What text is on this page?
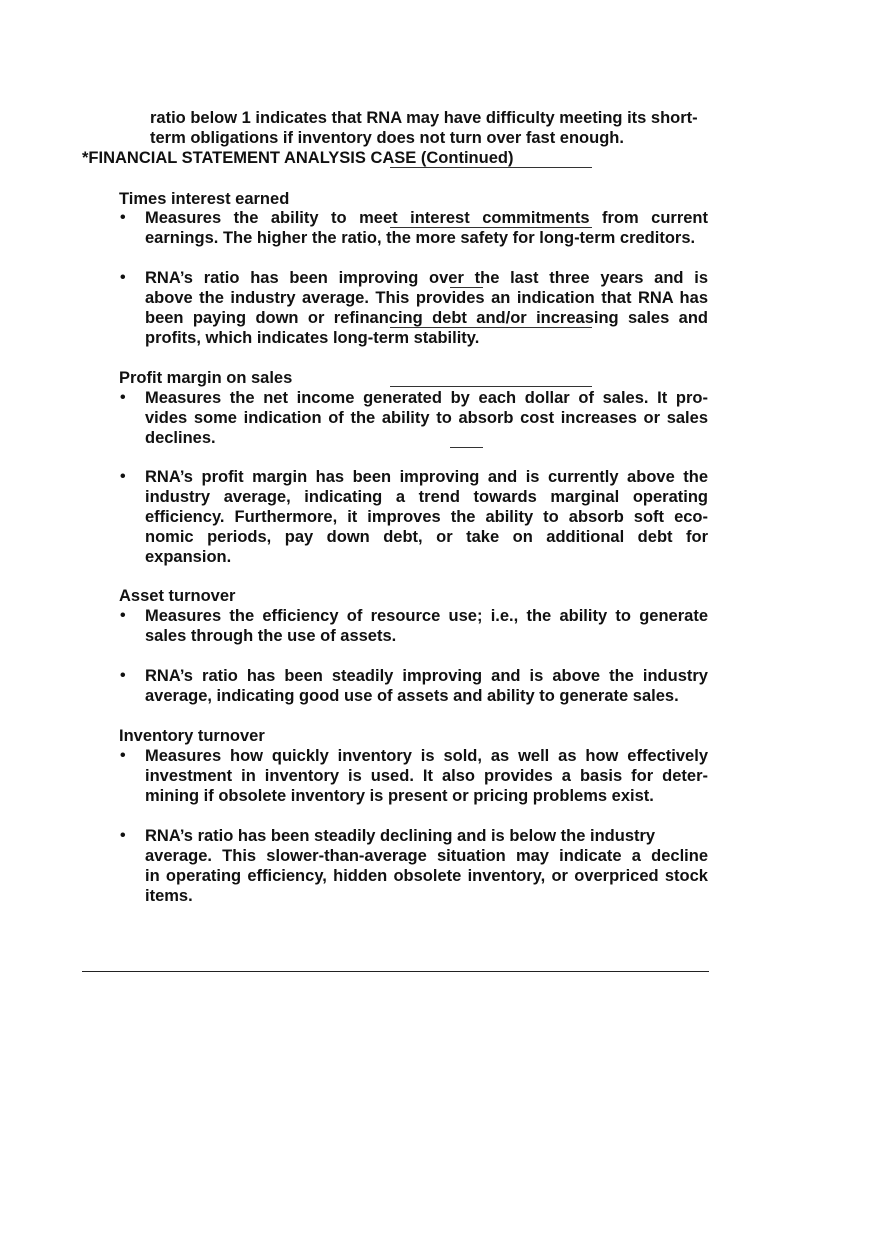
ratio below 1 indicates that RNA may have difficulty meeting its short-
term obligations if inventory does not turn over fast enough.
*FINANCIAL STATEMENT ANALYSIS CASE (Continued)
Times interest earned
• Measures the ability to meet interest commitments from current
earnings. The higher the ratio, the more safety for long-term creditors.
• RNA’s ratio has been improving over the last three years and is
above the industry average. This provides an indication that RNA has
been paying down or refinancing debt and/or increasing sales and
profits, which indicates long-term stability.
Profit margin on sales
• Measures the net income generated by each dollar of sales. It pro-
vides some indication of the ability to absorb cost increases or sales
declines.
• RNA’s profit margin has been improving and is currently above the
industry average, indicating a trend towards marginal operating
efficiency. Furthermore, it improves the ability to absorb soft eco-
nomic periods, pay down debt, or take on additional debt for
expansion.
Asset turnover
• Measures the efficiency of resource use; i.e., the ability to generate
sales through the use of assets.
• RNA’s ratio has been steadily improving and is above the industry
average, indicating good use of assets and ability to generate sales.
Inventory turnover
• Measures how quickly inventory is sold, as well as how effectively
investment in inventory is used. It also provides a basis for deter-
mining if obsolete inventory is present or pricing problems exist.
• RNA’s ratio has been steadily declining and is below the industry
average. This slower-than-average situation may indicate a decline
in operating efficiency, hidden obsolete inventory, or overpriced stock
items.
